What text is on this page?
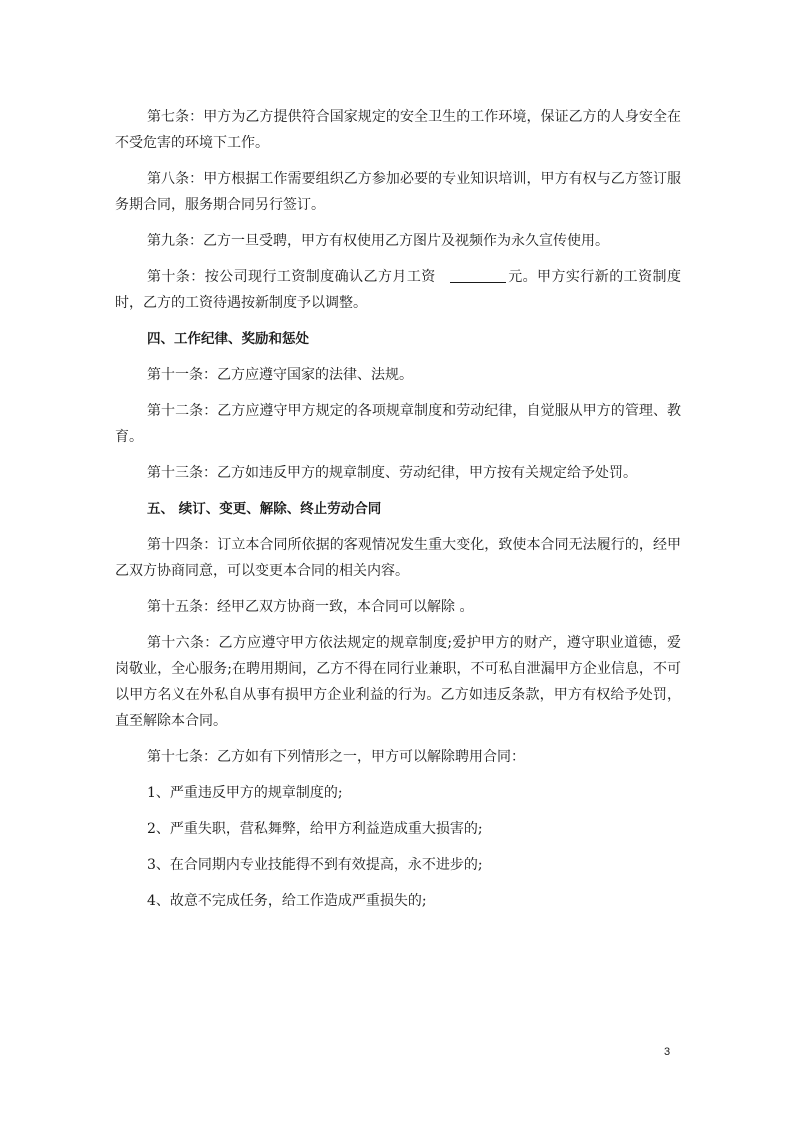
第七条：甲方为乙方提供符合国家规定的安全卫生的工作环境，保证乙方的人身安全在不受危害的环境下工作。

第八条：甲方根据工作需要组织乙方参加必要的专业知识培训，甲方有权与乙方签订服务期合同，服务期合同另行签订。

第九条：乙方一旦受聘，甲方有权使用乙方图片及视频作为永久宣传使用。

第十条：按公司现行工资制度确认乙方月工资	元。甲方实行新的工资制度时，乙方的工资待遇按新制度予以调整。

四、工作纪律、奖励和惩处

第十一条：乙方应遵守国家的法律、法规。

第十二条：乙方应遵守甲方规定的各项规章制度和劳动纪律，自觉服从甲方的管理、教育。

第十三条：乙方如违反甲方的规章制度、劳动纪律，甲方按有关规定给予处罚。

五、 续订、变更、解除、终止劳动合同

第十四条：订立本合同所依据的客观情况发生重大变化，致使本合同无法履行的，经甲乙双方协商同意，可以变更本合同的相关内容。

第十五条：经甲乙双方协商一致，本合同可以解除 。

第十六条：乙方应遵守甲方依法规定的规章制度;爱护甲方的财产，遵守职业道德，爱岗敬业，全心服务;在聘用期间，乙方不得在同行业兼职，不可私自泄漏甲方企业信息，不可以甲方名义在外私自从事有损甲方企业利益的行为。乙方如违反条款，甲方有权给予处罚，直至解除本合同。

第十七条：乙方如有下列情形之一，甲方可以解除聘用合同：

1、严重违反甲方的规章制度的;

2、严重失职，营私舞弊，给甲方利益造成重大损害的;

3、在合同期内专业技能得不到有效提高，永不进步的;

4、故意不完成任务，给工作造成严重损失的;

3
